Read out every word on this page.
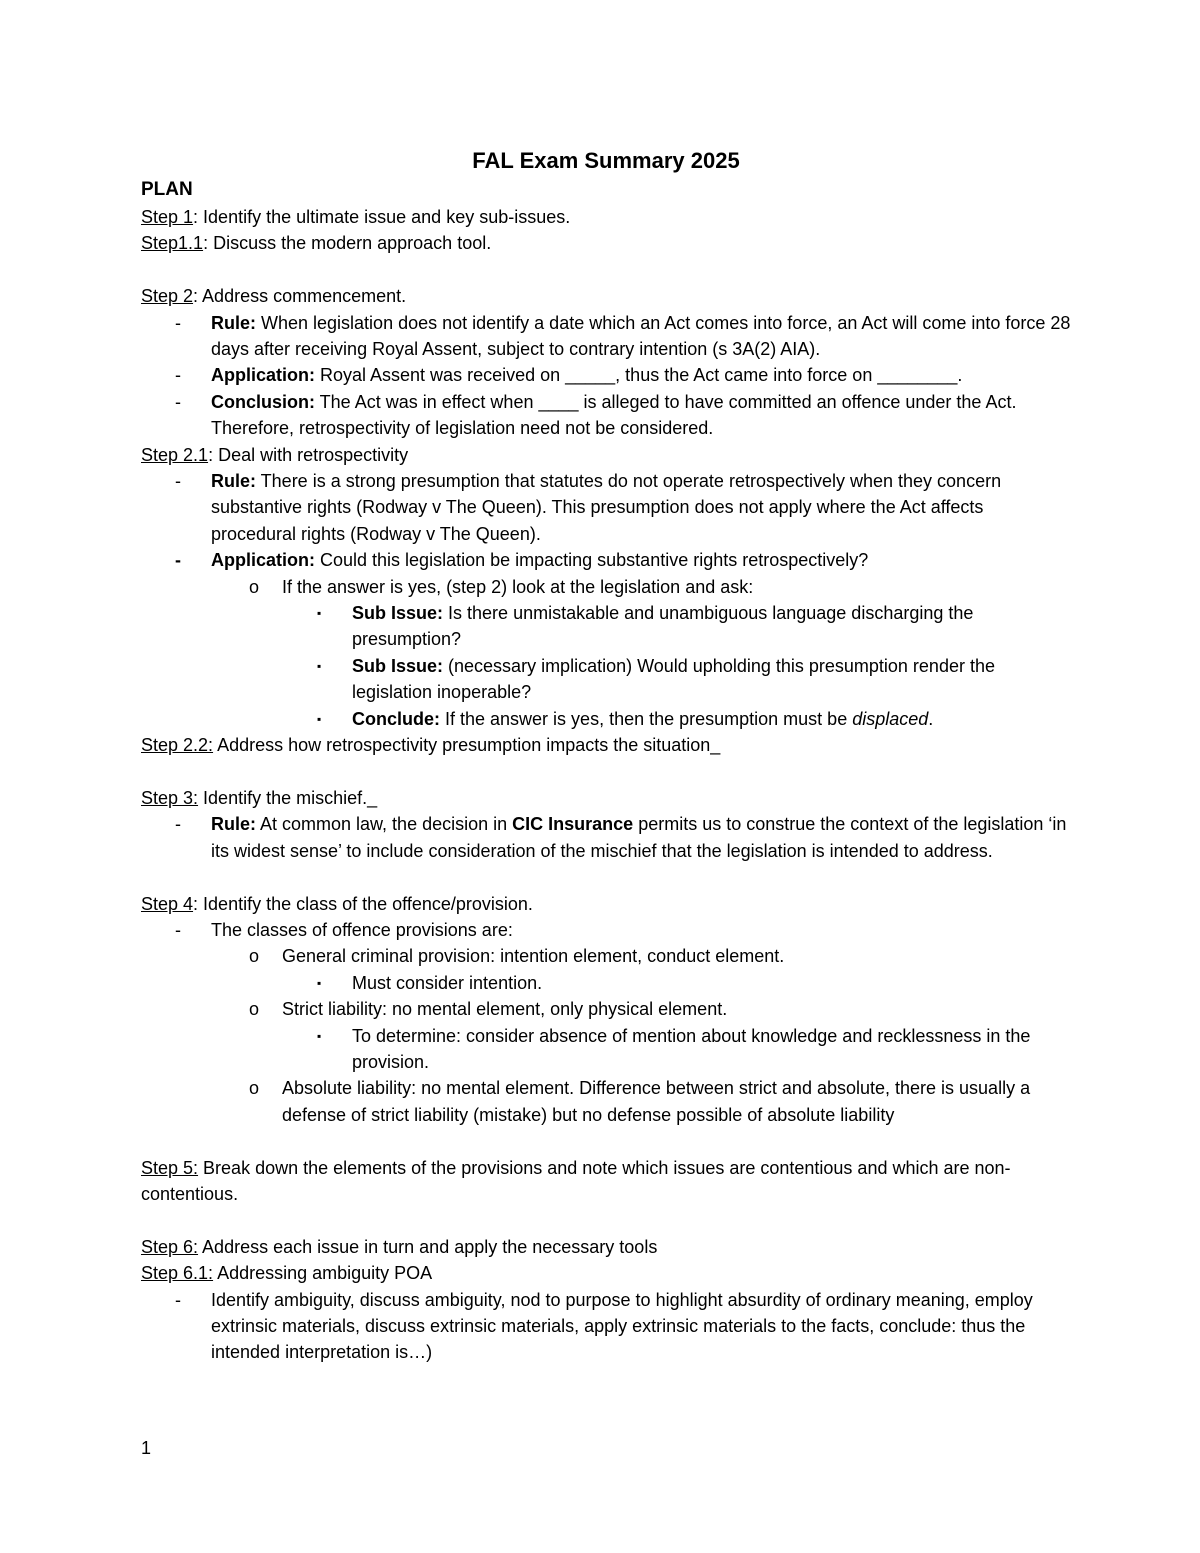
FAL Exam Summary 2025

PLAN

Step 1: Identify the ultimate issue and key sub-issues.

Step1.1: Discuss the modern approach tool.

Step 2: Address commencement.

- Rule: When legislation does not identify a date which an Act comes into force, an Act will come into force 28 days after receiving Royal Assent, subject to contrary intention (s 3A(2) AIA).
- Application: Royal Assent was received on _____, thus the Act came into force on ________.
- Conclusion: The Act was in effect when ____ is alleged to have committed an offence under the Act. Therefore, retrospectivity of legislation need not be considered.

Step 2.1: Deal with retrospectivity

- Rule: There is a strong presumption that statutes do not operate retrospectively when they concern substantive rights (Rodway v The Queen). This presumption does not apply where the Act affects procedural rights (Rodway v The Queen).
- Application: Could this legislation be impacting substantive rights retrospectively?
o If the answer is yes, (step 2) look at the legislation and ask:
▪ Sub Issue: Is there unmistakable and unambiguous language discharging the presumption?
▪ Sub Issue: (necessary implication) Would upholding this presumption render the legislation inoperable?
▪ Conclude: If the answer is yes, then the presumption must be displaced.

Step 2.2: Address how retrospectivity presumption impacts the situation_

Step 3: Identify the mischief._

- Rule: At common law, the decision in CIC Insurance permits us to construe the context of the legislation ‘in its widest sense’ to include consideration of the mischief that the legislation is intended to address.

Step 4: Identify the class of the offence/provision.

- The classes of offence provisions are:
o General criminal provision: intention element, conduct element.
▪ Must consider intention.
o Strict liability: no mental element, only physical element.
▪ To determine: consider absence of mention about knowledge and recklessness in the provision.
o Absolute liability: no mental element. Difference between strict and absolute, there is usually a defense of strict liability (mistake) but no defense possible of absolute liability

Step 5: Break down the elements of the provisions and note which issues are contentious and which are non-contentious.

Step 6: Address each issue in turn and apply the necessary tools

Step 6.1: Addressing ambiguity POA

- Identify ambiguity, discuss ambiguity, nod to purpose to highlight absurdity of ordinary meaning, employ extrinsic materials, discuss extrinsic materials, apply extrinsic materials to the facts, conclude: thus the intended interpretation is…)
1
